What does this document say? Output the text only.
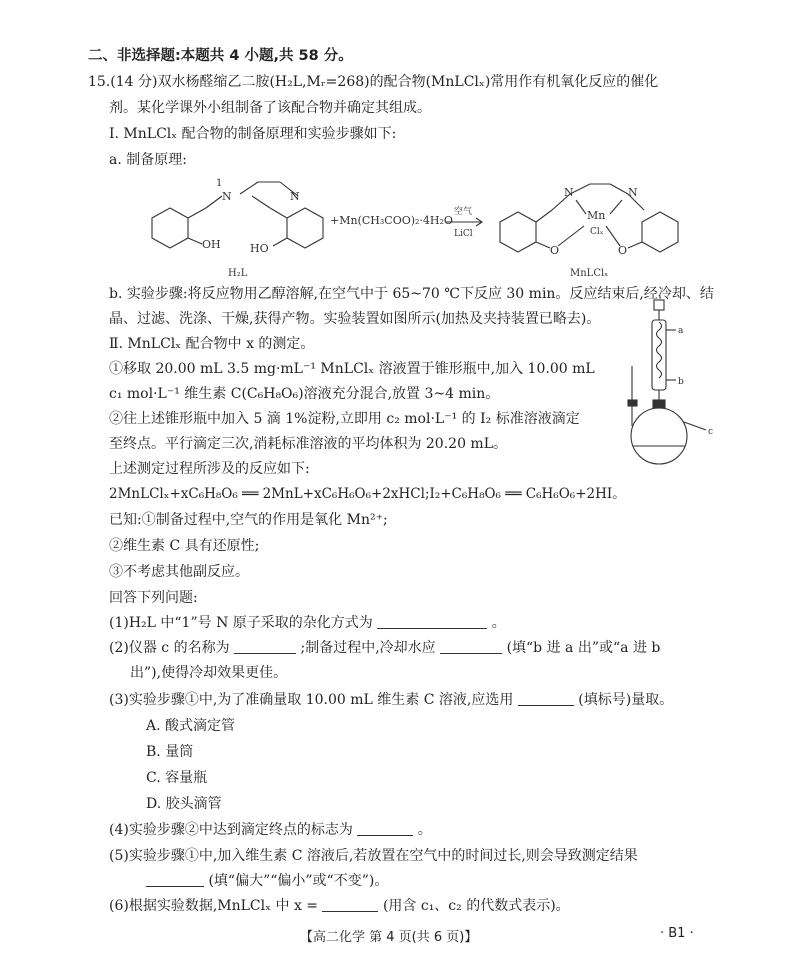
二、非选择题:本题共 4 小题,共 58 分。
15.(14 分)双水杨醛缩乙二胺(H₂L,Mᵣ=268)的配合物(MnLClₓ)常用作有机氧化反应的催化
剂。某化学课外小组制备了该配合物并确定其组成。
Ⅰ. MnLClₓ 配合物的制备原理和实验步骤如下:
a. 制备原理:
1
N	N
OH	HO
+Mn(CH₃COO)₂·4H₂O
空气
LiCl
N	N
Mn
Clₓ
O	O
H₂L	MnLClₓ
b. 实验步骤:将反应物用乙醇溶解,在空气中于 65~70 ℃下反应 30 min。反应结束后,经冷却、结
晶、过滤、洗涤、干燥,获得产物。实验装置如图所示(加热及夹持装置已略去)。
Ⅱ. MnLClₓ 配合物中 x 的测定。
①移取 20.00 mL 3.5 mg·mL⁻¹ MnLClₓ 溶液置于锥形瓶中,加入 10.00 mL
c₁ mol·L⁻¹ 维生素 C(C₆H₈O₆)溶液充分混合,放置 3~4 min。
②往上述锥形瓶中加入 5 滴 1%淀粉,立即用 c₂ mol·L⁻¹ 的 I₂ 标准溶液滴定
至终点。平行滴定三次,消耗标准溶液的平均体积为 20.20 mL。
上述测定过程所涉及的反应如下:
2MnLClₓ+xC₆H₈O₆ ══ 2MnL+xC₆H₆O₆+2xHCl;I₂+C₆H₈O₆ ══ C₆H₆O₆+2HI。
已知:①制备过程中,空气的作用是氧化 Mn²⁺;
②维生素 C 具有还原性;
③不考虑其他副反应。
回答下列问题:
a
b
c
(1)H₂L 中“1”号 N 原子采取的杂化方式为	。
(2)仪器 c 的名称为	;制备过程中,冷却水应	(填“b 进 a 出”或“a 进 b
出”),使得冷却效果更佳。
(3)实验步骤①中,为了准确量取 10.00 mL 维生素 C 溶液,应选用	(填标号)量取。
A. 酸式滴定管
B. 量筒
C. 容量瓶
D. 胶头滴管
(4)实验步骤②中达到滴定终点的标志为	。
(5)实验步骤①中,加入维生素 C 溶液后,若放置在空气中的时间过长,则会导致测定结果
(填“偏大”“偏小”或“不变”)。
(6)根据实验数据,MnLClₓ 中 x =	(用含 c₁、c₂ 的代数式表示)。
【高二化学 第 4 页(共 6 页)】	· B1 ·
